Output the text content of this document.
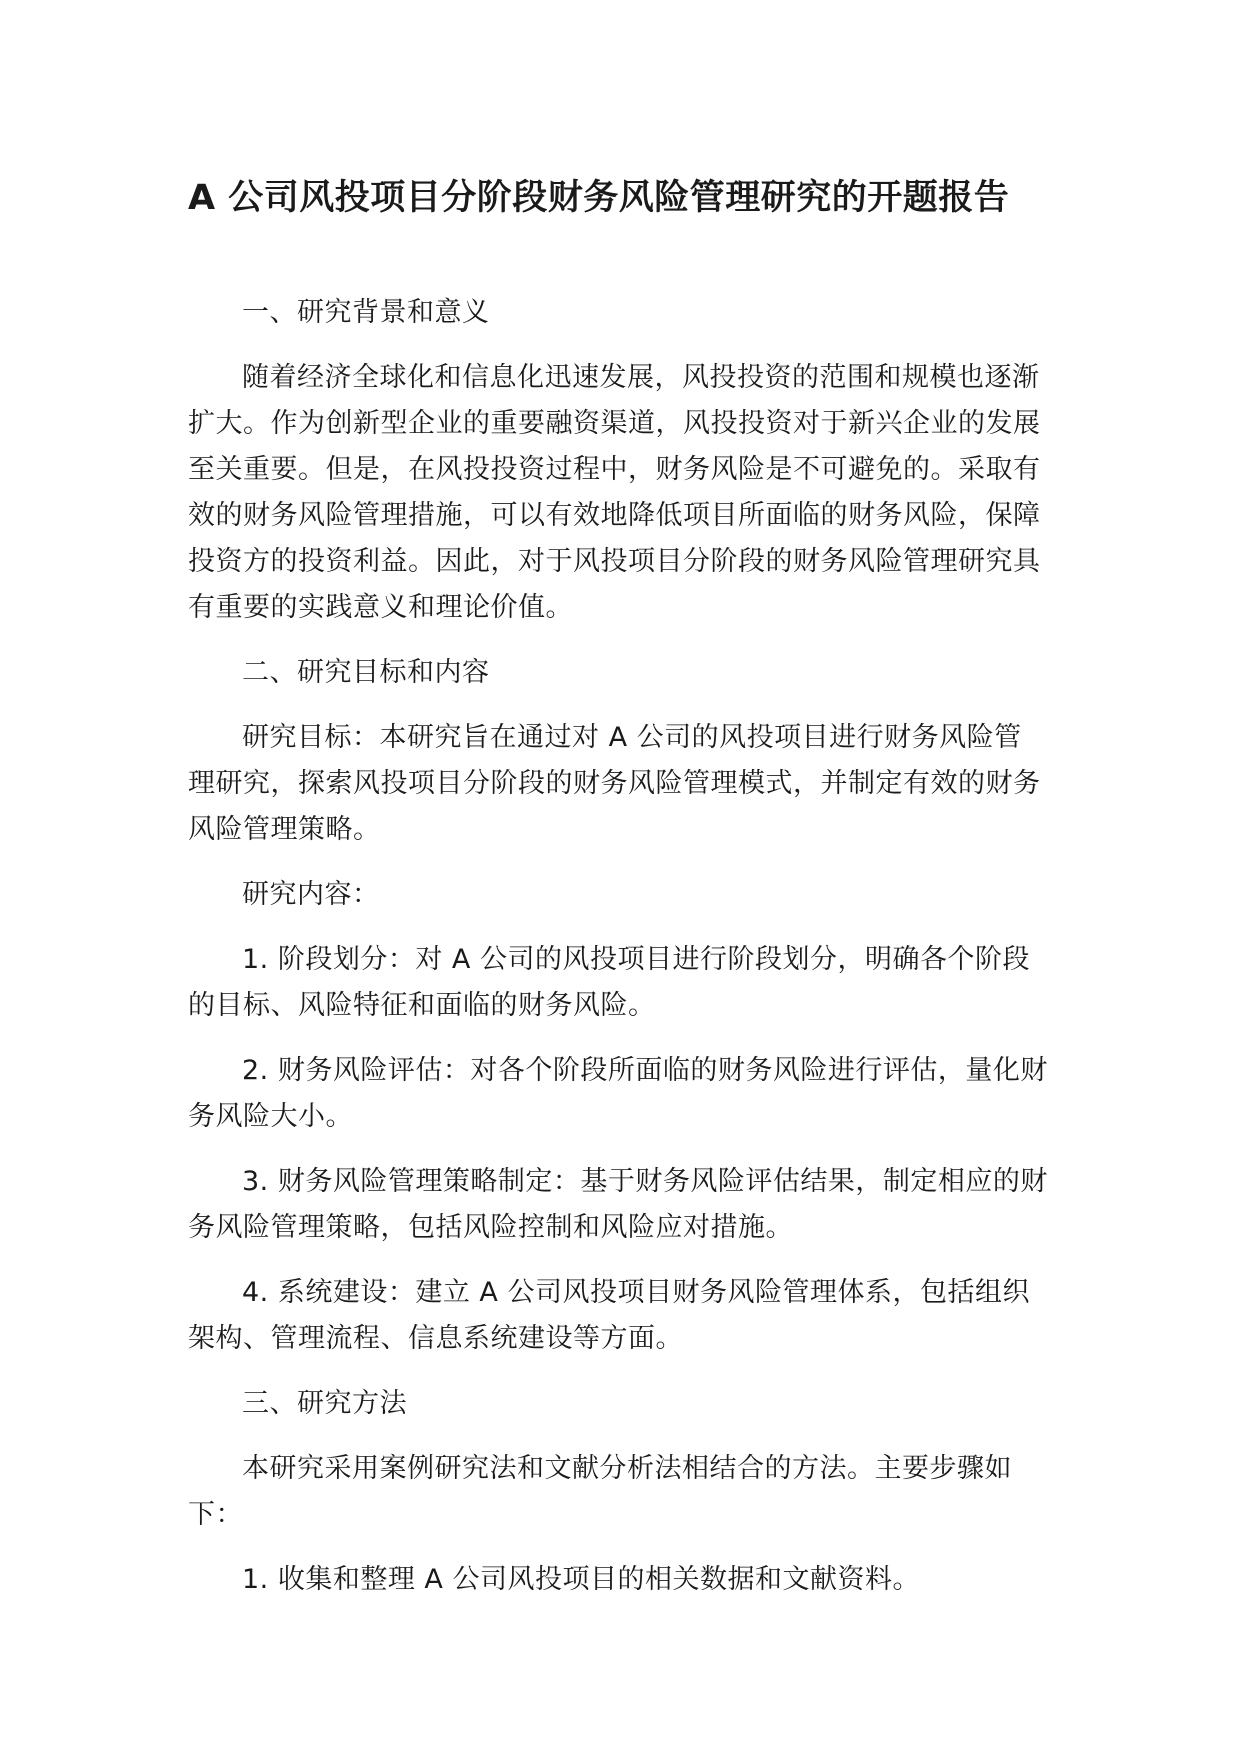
A 公司风投项目分阶段财务风险管理研究的开题报告

一、研究背景和意义

随着经济全球化和信息化迅速发展，风投投资的范围和规模也逐渐扩大。作为创新型企业的重要融资渠道，风投投资对于新兴企业的发展至关重要。但是，在风投投资过程中，财务风险是不可避免的。采取有效的财务风险管理措施，可以有效地降低项目所面临的财务风险，保障投资方的投资利益。因此，对于风投项目分阶段的财务风险管理研究具有重要的实践意义和理论价值。

二、研究目标和内容

研究目标：本研究旨在通过对 A 公司的风投项目进行财务风险管理研究，探索风投项目分阶段的财务风险管理模式，并制定有效的财务风险管理策略。

研究内容：

1. 阶段划分：对 A 公司的风投项目进行阶段划分，明确各个阶段的目标、风险特征和面临的财务风险。

2. 财务风险评估：对各个阶段所面临的财务风险进行评估，量化财务风险大小。

3. 财务风险管理策略制定：基于财务风险评估结果，制定相应的财务风险管理策略，包括风险控制和风险应对措施。

4. 系统建设：建立 A 公司风投项目财务风险管理体系，包括组织架构、管理流程、信息系统建设等方面。

三、研究方法

本研究采用案例研究法和文献分析法相结合的方法。主要步骤如下：

1. 收集和整理 A 公司风投项目的相关数据和文献资料。
